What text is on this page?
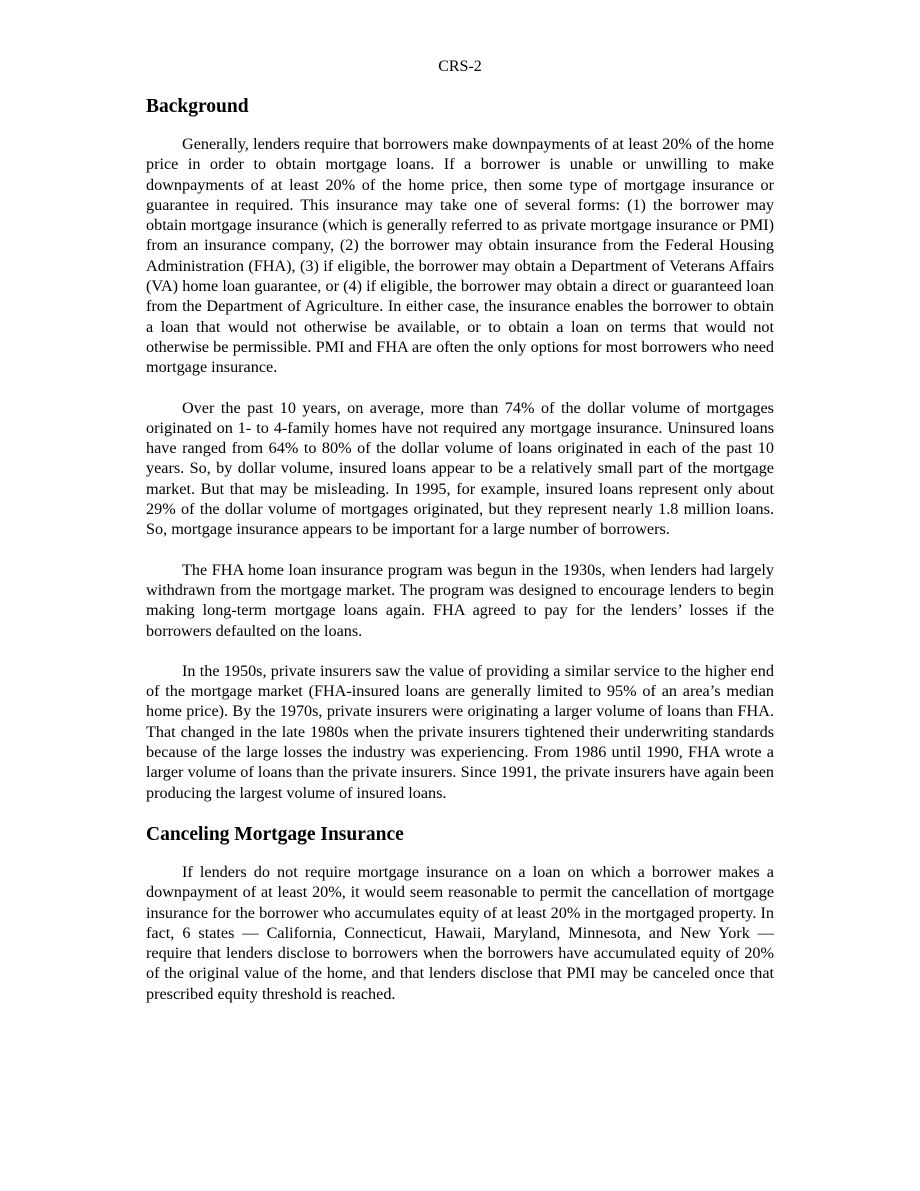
CRS-2
Background

Generally, lenders require that borrowers make downpayments of at least 20% of the home price in order to obtain mortgage loans. If a borrower is unable or unwilling to make downpayments of at least 20% of the home price, then some type of mortgage insurance or guarantee in required. This insurance may take one of several forms: (1) the borrower may obtain mortgage insurance (which is generally referred to as private mortgage insurance or PMI) from an insurance company, (2) the borrower may obtain insurance from the Federal Housing Administration (FHA), (3) if eligible, the borrower may obtain a Department of Veterans Affairs (VA) home loan guarantee, or (4) if eligible, the borrower may obtain a direct or guaranteed loan from the Department of Agriculture. In either case, the insurance enables the borrower to obtain a loan that would not otherwise be available, or to obtain a loan on terms that would not otherwise be permissible. PMI and FHA are often the only options for most borrowers who need mortgage insurance.

Over the past 10 years, on average, more than 74% of the dollar volume of mortgages originated on 1- to 4-family homes have not required any mortgage insurance. Uninsured loans have ranged from 64% to 80% of the dollar volume of loans originated in each of the past 10 years. So, by dollar volume, insured loans appear to be a relatively small part of the mortgage market. But that may be misleading. In 1995, for example, insured loans represent only about 29% of the dollar volume of mortgages originated, but they represent nearly 1.8 million loans. So, mortgage insurance appears to be important for a large number of borrowers.

The FHA home loan insurance program was begun in the 1930s, when lenders had largely withdrawn from the mortgage market. The program was designed to encourage lenders to begin making long-term mortgage loans again. FHA agreed to pay for the lenders’ losses if the borrowers defaulted on the loans.

In the 1950s, private insurers saw the value of providing a similar service to the higher end of the mortgage market (FHA-insured loans are generally limited to 95% of an area’s median home price). By the 1970s, private insurers were originating a larger volume of loans than FHA. That changed in the late 1980s when the private insurers tightened their underwriting standards because of the large losses the industry was experiencing. From 1986 until 1990, FHA wrote a larger volume of loans than the private insurers. Since 1991, the private insurers have again been producing the largest volume of insured loans.

Canceling Mortgage Insurance

If lenders do not require mortgage insurance on a loan on which a borrower makes a downpayment of at least 20%, it would seem reasonable to permit the cancellation of mortgage insurance for the borrower who accumulates equity of at least 20% in the mortgaged property. In fact, 6 states — California, Connecticut, Hawaii, Maryland, Minnesota, and New York — require that lenders disclose to borrowers when the borrowers have accumulated equity of 20% of the original value of the home, and that lenders disclose that PMI may be canceled once that prescribed equity threshold is reached.
